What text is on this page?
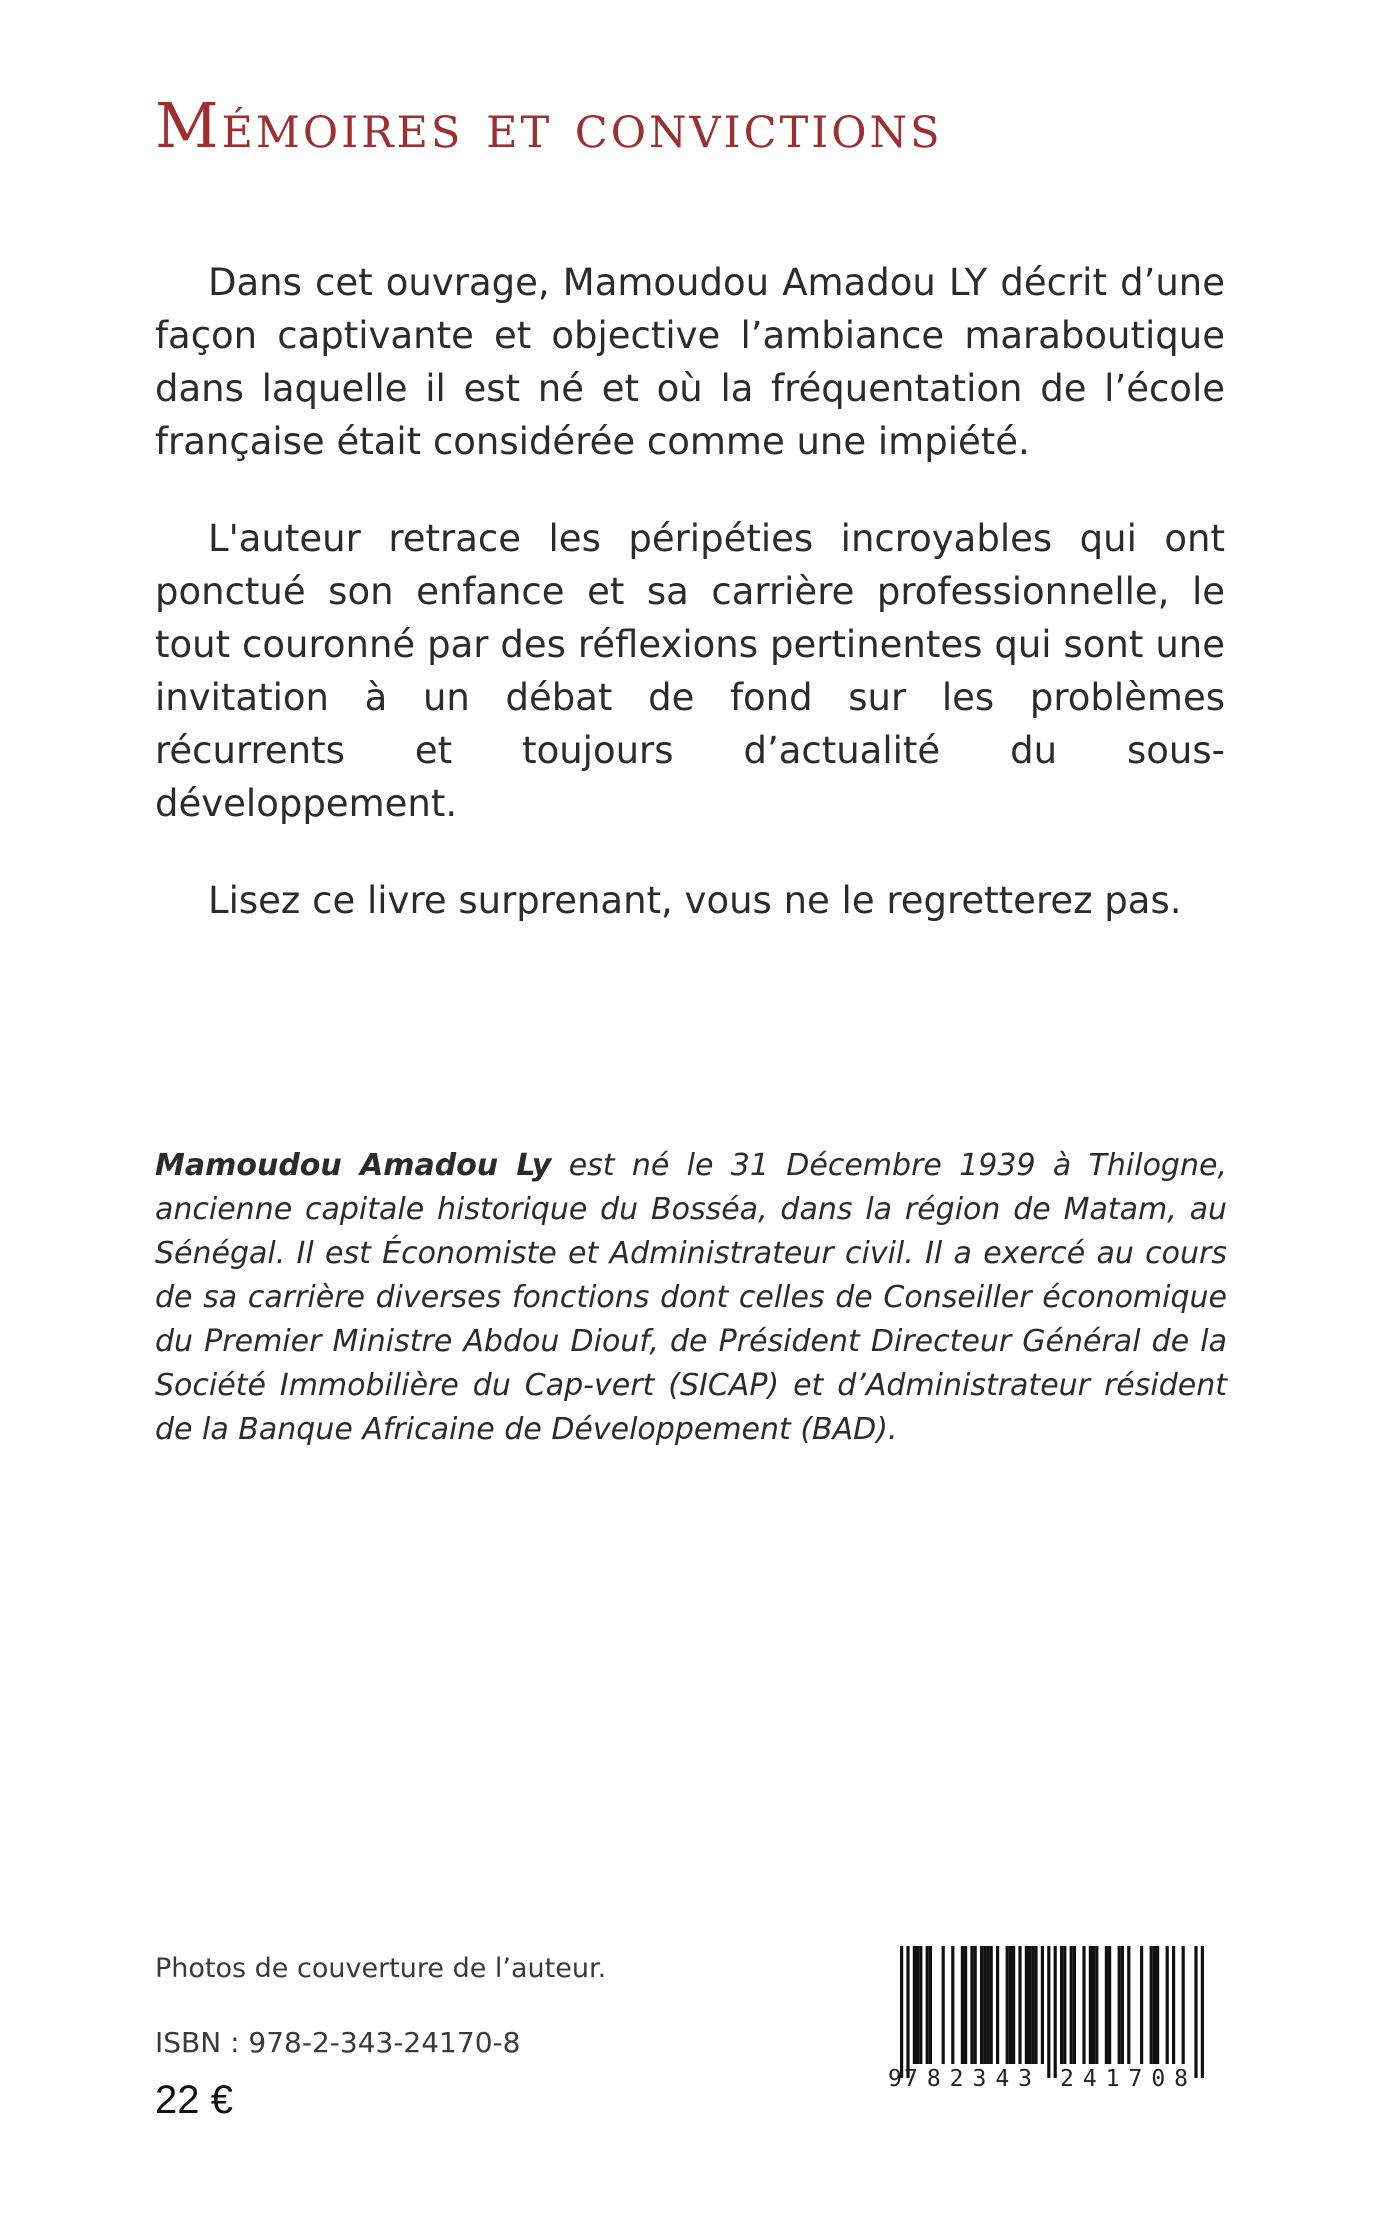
Mémoires et convictions

Dans cet ouvrage, Mamoudou Amadou LY décrit d’une façon captivante et objective l’ambiance maraboutique dans laquelle il est né et où la fréquentation de l’école française était considérée comme une impiété.

L'auteur retrace les péripéties incroyables qui ont ponctué son enfance et sa carrière professionnelle, le tout couronné par des réflexions pertinentes qui sont une invitation à un débat de fond sur les problèmes récurrents et toujours d’actualité du sous-développement.

Lisez ce livre surprenant, vous ne le regretterez pas.

Mamoudou Amadou Ly est né le 31 Décembre 1939 à Thilogne, ancienne capitale historique du Bosséa, dans la région de Matam, au Sénégal. Il est Économiste et Administrateur civil. Il a exercé au cours de sa carrière diverses fonctions dont celles de Conseiller économique du Premier Ministre Abdou Diouf, de Président Directeur Général de la Société Immobilière du Cap-vert (SICAP) et d’Administrateur résident de la Banque Africaine de Développement (BAD).

Photos de couverture de l’auteur.

ISBN : 978-2-343-24170-8

22 €	9 782343 241708
